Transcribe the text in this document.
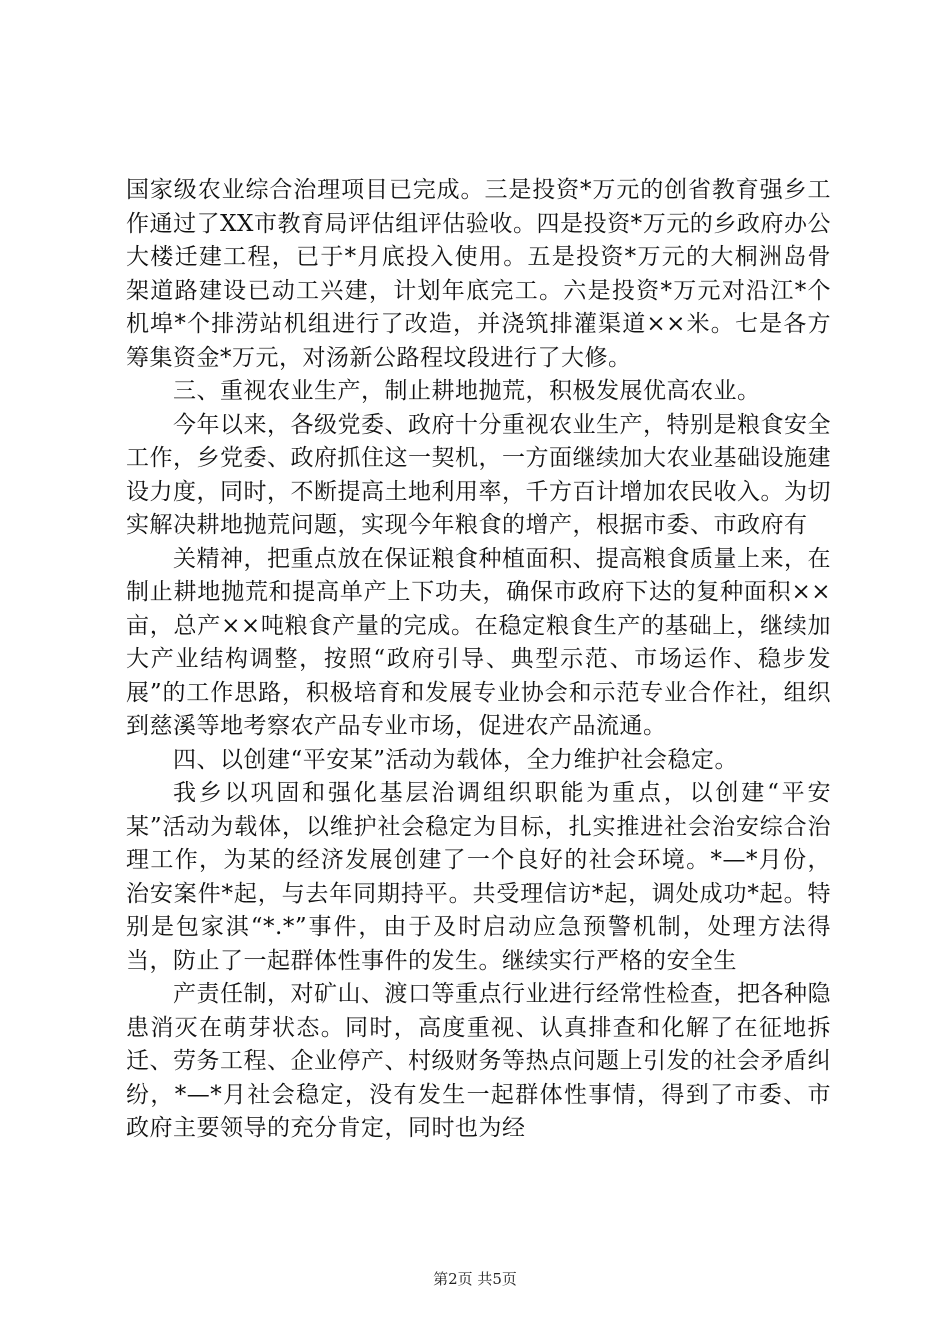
国家级农业综合治理项目已完成。三是投资*万元的创省教育强乡工作通过了XX市教育局评估组评估验收。四是投资*万元的乡政府办公大楼迁建工程，已于*月底投入使用。五是投资*万元的大桐洲岛骨架道路建设已动工兴建，计划年底完工。六是投资*万元对沿江*个机埠*个排涝站机组进行了改造，并浇筑排灌渠道××米。七是各方筹集资金*万元，对汤新公路程坟段进行了大修。

三、重视农业生产，制止耕地抛荒，积极发展优高农业。

今年以来，各级党委、政府十分重视农业生产，特别是粮食安全工作，乡党委、政府抓住这一契机，一方面继续加大农业基础设施建设力度，同时，不断提高土地利用率，千方百计增加农民收入。为切实解决耕地抛荒问题，实现今年粮食的增产，根据市委、市政府有

关精神，把重点放在保证粮食种植面积、提高粮食质量上来，在制止耕地抛荒和提高单产上下功夫，确保市政府下达的复种面积××亩，总产××吨粮食产量的完成。在稳定粮食生产的基础上，继续加大产业结构调整，按照“政府引导、典型示范、市场运作、稳步发展”的工作思路，积极培育和发展专业协会和示范专业合作社，组织到慈溪等地考察农产品专业市场，促进农产品流通。

四、以创建“平安某”活动为载体，全力维护社会稳定。

我乡以巩固和强化基层治调组织职能为重点，以创建“平安某”活动为载体，以维护社会稳定为目标，扎实推进社会治安综合治理工作，为某的经济发展创建了一个良好的社会环境。*—*月份，治安案件*起，与去年同期持平。共受理信访*起，调处成功*起。特别是包家淇“*.*”事件，由于及时启动应急预警机制，处理方法得当，防止了一起群体性事件的发生。继续实行严格的安全生

产责任制，对矿山、渡口等重点行业进行经常性检查，把各种隐患消灭在萌芽状态。同时，高度重视、认真排查和化解了在征地拆迁、劳务工程、企业停产、村级财务等热点问题上引发的社会矛盾纠纷，*—*月社会稳定，没有发生一起群体性事情，得到了市委、市政府主要领导的充分肯定，同时也为经

第2页 共5页
